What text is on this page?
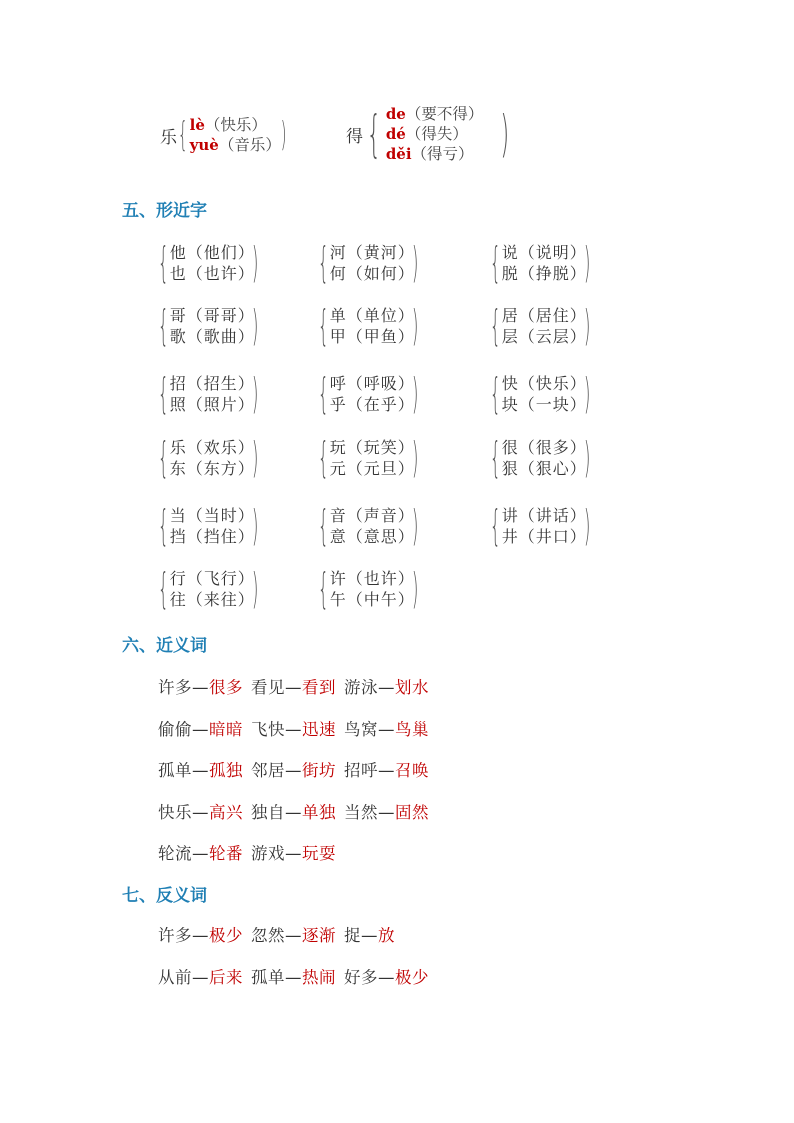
乐 { lè（快乐）
yuè（音乐） )	得 { de（要不得）
dé（得失）
děi（得亏） )
五、形近字
{ 他（他们）
也（也许）
) { 河（黄河）
何（如何）
) { 说（说明）
脱（挣脱）
)
{ 哥（哥哥）
歌（歌曲）
) { 单（单位）
甲（甲鱼）
) { 居（居住）
层（云层）
)
{ 招（招生）
照（照片）
) { 呼（呼吸）
乎（在乎）
) { 快（快乐）
块（一块）
)
{ 乐（欢乐）
东（东方）
) { 玩（玩笑）
元（元旦）
) { 很（很多）
狠（狠心）
)
{ 当（当时）
挡（挡住）
) { 音（声音）
意（意思）
) { 讲（讲话）
井（井口）
)
{ 行（飞行）
往（来往）
) { 许（也许）
午（中午）
)
六、近义词
许多—很多 看见—看到 游泳—划水
偷偷—暗暗 飞快—迅速 鸟窝—鸟巢
孤单—孤独 邻居—街坊 招呼—召唤
快乐—高兴 独自—单独 当然—固然
轮流—轮番 游戏—玩耍
七、反义词
许多—极少 忽然—逐渐 捉—放
从前—后来 孤单—热闹 好多—极少
